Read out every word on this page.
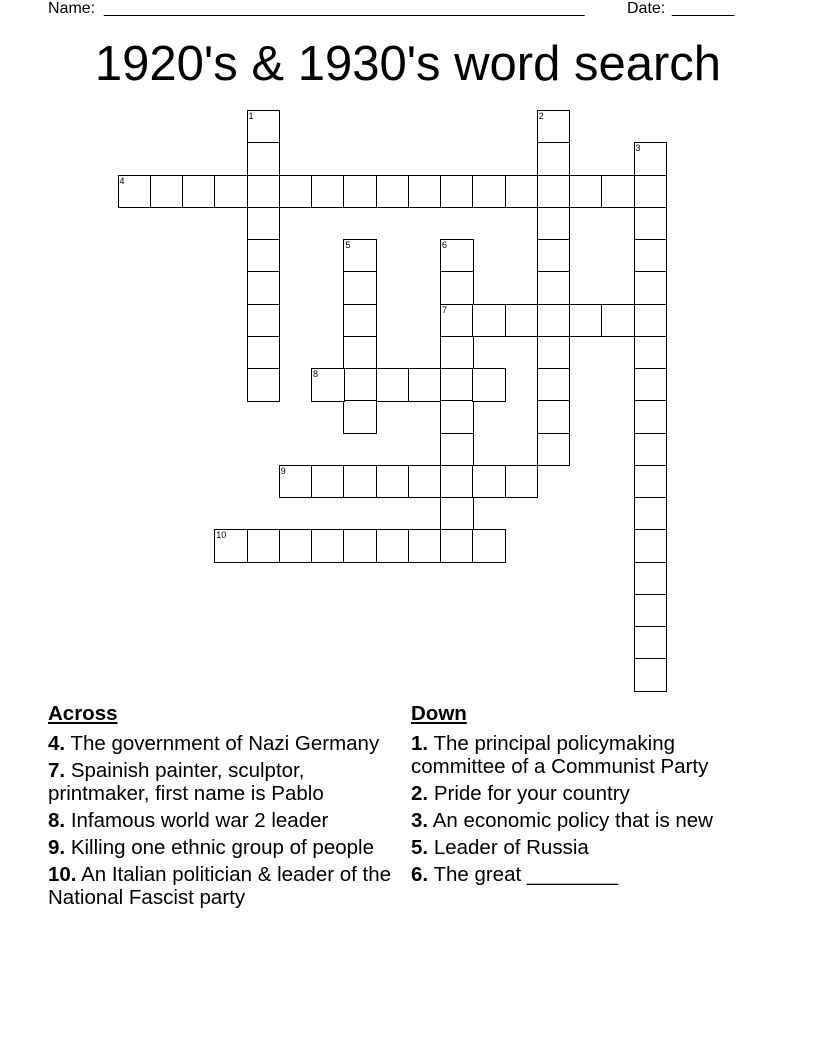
Name: ______________________________________________________	Date: _______
1920's & 1930's word search
1	2
3
4
5	6
7
8
9
10
Across
4. The government of Nazi Germany
7. Spainish painter, sculptor, printmaker, first name is Pablo
8. Infamous world war 2 leader
9. Killing one ethnic group of people
10. An Italian politician & leader of the National Fascist party
Down
1. The principal policymaking committee of a Communist Party
2. Pride for your country
3. An economic policy that is new
5. Leader of Russia
6. The great ________
